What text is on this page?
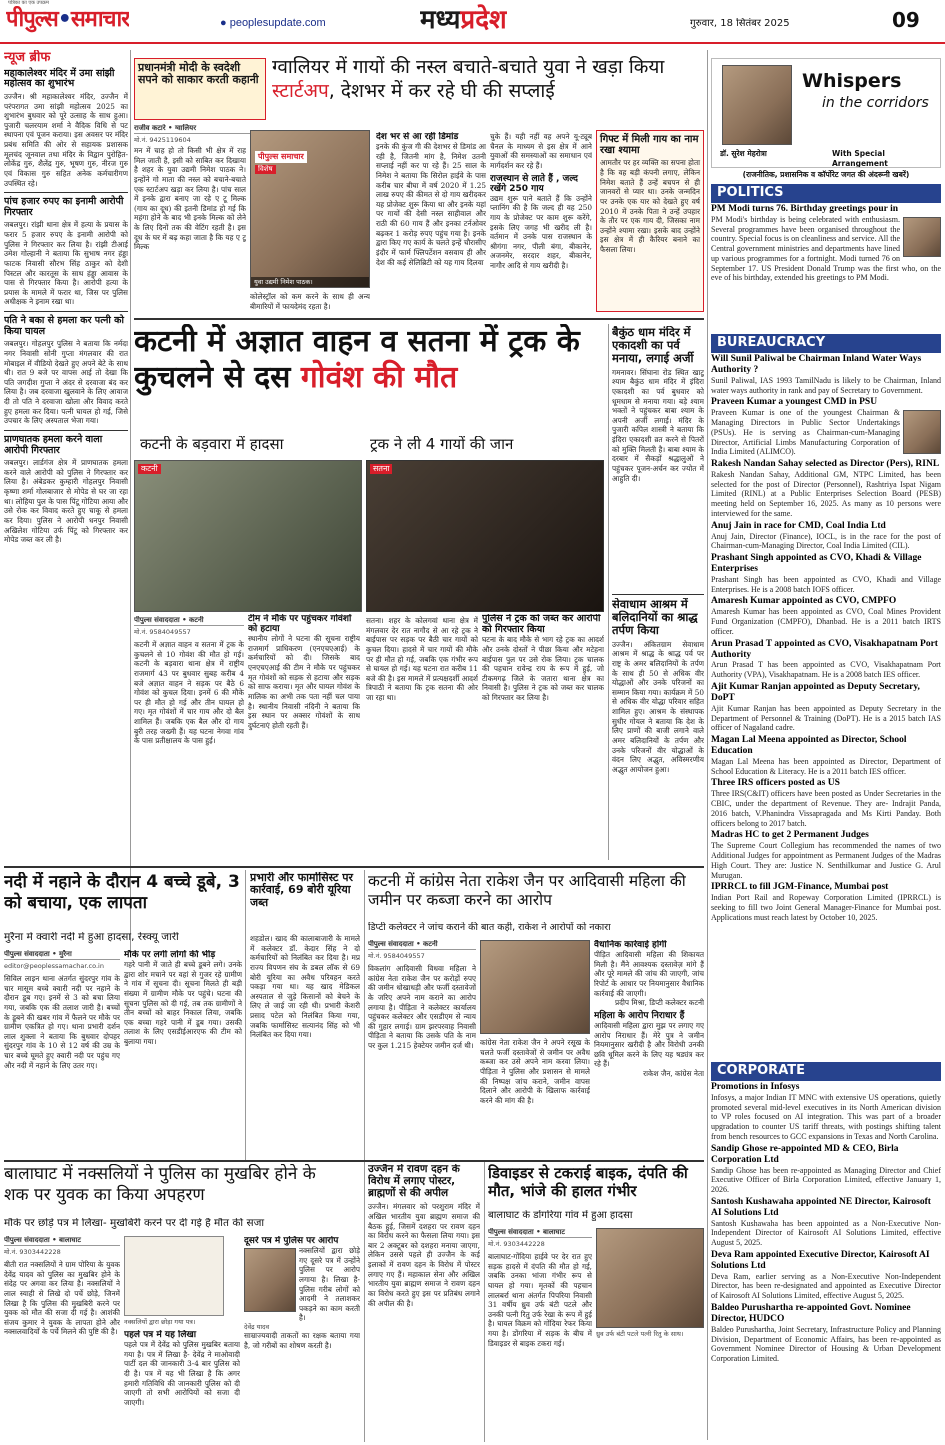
पीपुल्स•समाचार
पत्रिका का एक उपक्रम
● peoplesupdate.com	मध्यप्रदेश	गुरुवार, 18 सितंबर 2025	09
न्यूज ब्रीफ
महाकालेश्वर मंदिर में उमा सांझी महोत्सव का शुभारंभ
उज्जैन। श्री महाकालेश्वर मंदिर, उज्जैन में परंपरागत उमा सांझी महोत्सव 2025 का शुभारंभ बुधवार को पूरे उत्साह के साथ हुआ। पुजारी चलरयाम शर्मा ने वैदिक विधि से पट स्थापना एवं पूजन कराया। इस अवसर पर मंदिर प्रबंध समिति की ओर से सहायक प्रशासक मूलचंद जूनवाल तथा मंदिर के विद्वान पुरोहित- लोकेंद्र गुरु, शैलेंद्र गुरु, भूषण गुरु, नीरज गुरु एवं विकास गुरु सहित अनेक कर्मचारीगण उपस्थित रहे।
पांच हजार रुपए का इनामी आरोपी गिरफ्तार
जबलपुर। रांझी थाना क्षेत्र में हत्या के प्रयास के फरार 5 हजार रुपए के इनामी आरोपी को पुलिस ने गिरफ्तार कर लिया है। रांझी टीआई उमेश गोल्हानी ने बताया कि सुभाष नगर हंड्डा फाटक निवासी सौरभ सिंह ठाकुर को देशी पिस्टल और कारतूस के साथ हंड्डा आवास के पास से गिरफ्तार किया है। आरोपी हत्या के प्रयास के मामले में फरार था, जिस पर पुलिस अधीक्षक ने इनाम रखा था।
पति ने बका से हमला कर पत्नी को किया घायल
जबलपुर। गोहलपुर पुलिस ने बताया कि नर्मदा नगर निवासी सोनी गुप्ता मंगलवार की रात मोबाइल में वीडियो देखते हुए अपने बेटे के साथ थी। रात 9 बजे पर वापस आई तो देखा कि पति जगदीश गुप्ता ने अंदर से दरवाजा बंद कर लिया है। जब दरवाजा खुलवाने के लिए आवाज दी तो पति ने दरवाजा खोला और विवाद करते हुए हमला कर दिया। पत्नी घायल हो गई, जिसे उपचार के लिए अस्पताल भेजा गया।
प्राणघातक हमला करने वाला आरोपी गिरफ्तार
जबलपुर। लार्डगंज क्षेत्र में प्राणघातक हमला करने वाले आरोपी को पुलिस ने गिरफ्तार कर लिया है। अंबेडकर कुम्हारी गोहलपुर निवासी कृष्णा शर्मा गोलबाजार से मोपेड से घर जा रहा था। लोहिया पुल के पास पिंटू गोटिया आया और उसे रोक कर विवाद करते हुए चाकू से हमला कर दिया। पुलिस ने आरोपी धनपुर निवासी अखिलेश गोटिया उर्फ पिंटू को गिरफ्तार कर मोपेड जब्त कर ली है।
प्रधानमंत्री मोदी के स्वदेशी सपने को साकार करती कहानी
ग्वालियर में गायों की नस्ल बचाते-बचाते युवा ने खड़ा किया स्टार्टअप, देशभर में कर रहे घी की सप्लाई
राजीव कटारे • ग्वालियर
मो.नं. 9425119604
पीपुल्स समाचार
विशेष
युवा उद्यमी निमेश पाठक।
मन में चाह हो तो किसी भी क्षेत्र में राह मिल जाती है, इसी को साबित कर दिखाया है शहर के युवा उद्यमी निमेश पाठक ने। इन्होंने गो माता की नस्ल को बचाने-बचाते एक स्टार्टअप खड़ा कर लिया है। पांच साल में इनके द्वारा बनाए जा रहे ए टू मिल्क (गाय का दूध) की इतनी डिमांड हो गई कि महंगा होने के बाद भी इनके मिल्क को लेने के लिए दिनों तक की वेटिंग रहती है। इस दूध के घर में बढ़ कहा जाता है कि यह ए टू मिल्क
कोलेस्ट्रॉल को कम करने के साथ ही अन्य बीमारियों में फायदेमंद रहता है।
देश भर से आ रही डिमांड
इनके की कुंज गी की देशभर से डिमांड आ रही है, जितनी मांग है, निमेश उतनी सप्लाई नहीं कर पा रहे हैं। 25 साल के निमेश ने बताया कि सिरोल हाईवे के पास करीब चार बीघा में वर्ष 2020 में 1.25 लाख रुपए की कीमत से दो गाय खरीदकर यह प्रोजेक्ट शुरू किया था और इनके यहां पर गायों की देसी नस्ल साहीवाल और राठी की 60 गाय हैं और इनका टर्नओवर बढ़कर 1 करोड़ रुपए पहुंच गया है। इनके द्वारा किए गए कार्य के चलते इन्हें चौरासीए इंदौर में फार्म फ्लिपर्टेशन वसवाय ही और देश की कई सेलिब्रिटी को यह गाय दिलवा
चुके हैं। यही नहीं वह अपने यू-ट्यूब चैनल के माध्यम से इस क्षेत्र में आने युवाओं की समस्याओं का समाधान एवं मार्गदर्शन कर रहे हैं।
राजस्थान से लाते हैं , जल्द रखेंगे 250 गाय
उद्यम शुरू पाने बताते हैं कि उन्होंने प्लानिंग की है कि जल्द ही वह 250 गाय के प्रोजेक्ट पर काम शुरू करेंगे, इसके लिए जगह भी खरीद ली है। वर्तमान में उनके पास राजस्थान के श्रीगंगा नगर, पीली बंगा, बीकानेर, अजनमेर, सरदार शहर, बीकानेर, नागौर आदि से गाय खरीदी है।
गिफ्ट में मिली गाय का नाम रखा श्यामा
आमतौर पर हर व्यक्ति का सपना होता है कि वह बड़ी कंपनी लगाए, लेकिन निमेश बताते हैं उन्हें बचपन से ही जानवरों से प्यार था। उनके जन्मदिन पर उनके एक यार को देखते हुए वर्ष 2010 में उनके पिता ने उन्हें उपहार के तौर पर एक गाय दी, जिसका नाम उन्होंने श्यामा रखा। इसके बाद उन्होंने इस क्षेत्र में ही कैरियर बनाने का फैसला लिया।
कटनी में अज्ञात वाहन व सतना में ट्रक के कुचलने से दस गोवंश की मौत
कटनी के बड़वारा में हादसा	ट्रक ने ली 4 गायों की जान
कटनी	सतना
पीपुल्स संवाददाता • कटनी
मो.नं. 9584049557
कटनी में अज्ञात वाहन व सतना में ट्रक के कुचलने से 10 गोवंश की मौत हो गई। कटनी के बड़वारा थाना क्षेत्र में राष्ट्रीय राजमार्ग 43 पर बुधवार सुबह करीब 4 बजे अज्ञात वाहन ने सड़क पर बैठे 6 गोवंश को कुचल दिया। इनमें 6 की मौके पर ही मौत हो गई और तीन घायल हो गए। मृत गोवंशों में चार गाय और दो बैल शामिल हैं। जबकि एक बैल और दो गाय बुरी तरह जख्मी हैं। यह घटना नेगवा गांव के पास प्रतीक्षालय के पास हुई।
टीम ने मौके पर पहुंचकर गोवंशों को हटाया
स्थानीय लोगों ने घटना की सूचना राष्ट्रीय राजमार्ग प्राधिकरण (एनएचएआई) के कर्मचारियों को दी। जिसके बाद एनएचएआई की टीम ने मौके पर पहुंचकर मृत गोवंशों को सड़क से हटाया और सड़क को साफ कराया। मृत और घायल गोवंश के मालिक का अभी तक पता नहीं चल पाया है। स्थानीय निवासी नंदिनी ने बताया कि इस स्थान पर अक्सर गोवंशों के साथ दुर्घटनाएं होती रहती हैं।
सतना। शहर के कोलगवां थाना क्षेत्र में मंगलवार देर रात नागौद से आ रहे ट्रक ने बाईपास पर सड़क पर बैठी चार गायों को कुचल दिया। हादसे में चार गायों की मौके पर ही मौत हो गई, जबकि एक गंभीर रूप से घायल हो गई। यह घटना रात करीब 11 बजे की है। इस मामले में प्रत्यक्षदर्शी आदर्श त्रिपाठी ने बताया कि ट्रक सतना की ओर जा रहा था।
पुलिस ने ट्रक को जब्त कर आरोपी को गिरफ्तार किया
घटना के बाद मौके से भाग रहे ट्रक का आदर्श और उनके दोस्तों ने पीछा किया और मटेहना बाईपास पुल पर उसे रोक लिया। ट्रक चालक की पहचान रावेन्द्र राय के रूप में हुई, जो टीकमगढ़ जिले के जतारा थाना क्षेत्र का निवासी है। पुलिस ने ट्रक को जब्त कर चालक को गिरफ्तार कर लिया है।
बैकुंठ धाम मंदिर में एकादशी का पर्व मनाया, लगाई अर्जी
गमनावर। सिंघाना रोड स्थित खाटू श्याम बैकुंठ धाम मंदिर में इंदिरा एकादशी का पर्व बुधवार को धूमधाम से मनाया गया। बड़े श्याम भक्तों ने पहुंचकर बाबा श्याम के अपनी अर्जी लगाई। मंदिर के पुजारी कपिल शास्त्री ने बताया कि इंदिरा एकादशी व्रत करने से पितरों को मुक्ति मिलती है। बाबा श्याम के दरबार में सैकड़ों श्रद्धालुओं ने पहुंचकर पूजन-अर्चन कर ज्योत में आहुति दी।
सेवाधाम आश्रम में बलिदानियों का श्राद्ध तर्पण किया
उज्जैन। अंकितग्राम सेवाधाम आश्रम में श्राद्ध के श्राद्ध पर्व पर राष्ट्र के अमर बलिदानियों के तर्पण के साथ ही 50 से अधिक वीर योद्धाओं और उनके परिजनों का सम्मान किया गया। कार्यक्रम में 50 से अधिक वीर योद्धा परिवार सहित शामिल हुए। आश्रम के संस्थापक सुधीर गोयल ने बताया कि देश के लिए प्राणों की बाजी लगाने वाले अमर बलिदानियों के तर्पण और उनके परिजनों वीर योद्धाओं के वंदन लिए अद्भुत, अविस्मरणीय अद्भुत आयोजन हुआ।
नदी में नहाने के दौरान 4 बच्चे डूबे, 3 को बचाया, एक लापता
मुरैना में क्वारी नदी में हुआ हादसा, रेस्क्यू जारी
पीपुल्स संवाददाता • मुरैना
editor@peoplessamachar.co.in
सिविल लाइन थाना अंतर्गत सुंदरपुर गांव के चार मासूम बच्चे क्वारी नदी पर नहाने के दौरान डूब गए। इनमें से 3 को बचा लिया गया, जबकि एक की तलाश जारी है। बच्चों के डूबने की खबर गांव में फैलने पर मौके पर ग्रामीण एकत्रित हो गए। थाना प्रभारी दर्शन लाल शुक्ला ने बताया कि बुधवार दोपहर सुंदरपुर गांव के 10 से 12 वर्ष की उम्र के चार बच्चे घूमते हुए क्वारी नदी पर पहुंच गए और नदी में नहाने के लिए उतर गए।
मौके पर लगी लोगों की भीड़
गहरे पानी में जाते ही बच्चे डूबने लगे। उनके द्वारा शोर मचाने पर वहां से गुजर रहे ग्रामीण ने गांव में सूचना दी। सूचना मिलते ही बड़ी संख्या में ग्रामीण मौके पर पहुंचे। घटना की सूचना पुलिस को दी गई, तब तक ग्रामीणों ने तीन बच्चों को बाहर निकाल लिया, जबकि एक बच्चा गहरे पानी में डूब गया। उसकी तलाश के लिए एसडीईआरएफ की टीम को बुलाया गया।
प्रभारी और फार्मासिस्ट पर कार्रवाई, 69 बोरी यूरिया जब्त
शहडोल। खाद की कालाबाजारी के मामले में कलेक्टर डॉ. केदार सिंह ने दो कर्मचारियों को निलंबित कर दिया है। मप्र राज्य विपणन संघ के डबल लॉक से 69 बोरी यूरिया का अवैध परिवहन करते पकड़ा गया था। यह खाद मेडिकल अस्पताल से जुड़े किसानों को बेचने के लिए ले जाई जा रही थी। प्रभारी केशरी प्रसाद पटेल को निलंबित किया गया, जबकि फार्मासिस्ट सत्यानंद सिंह को भी निलंबित कर दिया गया।
कटनी में कांग्रेस नेता राकेश जैन पर आदिवासी महिला की जमीन पर कब्जा करने का आरोप
डिप्टी कलेक्टर ने जांच कराने की बात कही, राकेश ने आरोपों को नकारा
पीपुल्स संवाददाता • कटनी
मो.नं. 9584049557
विकलांग आदिवासी विधवा महिला ने कांग्रेस नेता राकेश जैन पर करोड़ों रुपए की जमीन धोखाधड़ी और फर्जी दस्तावेजों के जरिए अपने नाम कराने का आरोप लगाया है। पीड़िता ने कलेक्टर कार्यालय पहुंचकर कलेक्टर और एसडीएम से न्याय की गुहार लगाई। ग्राम झरपरवाह निवासी पीड़िता ने बताया कि उसके पति के नाम पर कुल 1.215 हेक्टेयर जमीन दर्ज थी। कांग्रेस नेता राकेश जैन ने अपने रसूख के चलते फर्जी दस्तावेजों से जमीन पर अवैध कब्जा कर उसे अपने नाम करवा लिया। पीड़िता ने पुलिस और प्रशासन से मामले की निष्पक्ष जांच कराने, जमीन वापस दिलाने और आरोपी के खिलाफ कार्रवाई करने की मांग की है।
वैधानिक कार्रवाई होगी
पीड़ित आदिवासी महिला की शिकायत मिली है। मैंने आवश्यक दस्तावेज़ मांगे हैं और पूरे मामले की जांच की जाएगी, जांच रिपोर्ट के आधार पर नियमानुसार वैधानिक कार्रवाई की जाएगी।
प्रदीप मिश्रा, डिप्टी कलेक्टर कटनी
महिला के आरोप निराधार हैं
आदिवासी महिला द्वारा मुझ पर लगाए गए आरोप निराधार हैं। मेरे पुत्र ने जमीन नियमानुसार खरीदी है और विरोधी उनकी छवि धूमिल करने के लिए यह षड्यंत्र कर रहे हैं।
राकेश जैन, कांग्रेस नेता
बालाघाट में नक्सलियों ने पुलिस का मुखबिर होने के शक पर युवक का किया अपहरण
मौके पर छोड़े पत्र में लिखा- मुखबिरी करने पर दी गई है मौत की सजा
पीपुल्स संवाददाता • बालाघाट
मो.नं. 9303442228
बीती रात नक्सलियों ने ग्राम पोरिया के युवक देवेंद्र यादव को पुलिस का मुखबिर होने के संदेह पर अगवा कर लिया है। नक्सलियों ने लाल स्याही से लिखे दो पर्चे छोड़े, जिनमें लिखा है कि पुलिस की मुखबिरी करने पर युवक को मौत की सजा दी गई है। आशंकी संजय कुमार ने युवक के लापता होने और नक्सलवादियों के पर्चे मिलने की पुष्टि की है।
नक्सलियों द्वारा छोड़ा गया पत्र।
पहले पत्र में यह लिखा
पहले पत्र में देवेंद्र को पुलिस मुखबिर बताया गया है। पत्र में लिखा है- देवेंद्र ने माओवादी पार्टी दल की जानकारी 3-4 बार पुलिस को दी है। पत्र में यह भी लिखा है कि अगर हमारी गतिविधि की जानकारी पुलिस को दी जाएगी तो सभी आरोपियों को सजा दी जाएगी।
दूसरे पत्र में पुलिस पर आरोप
नक्सलियों द्वारा छोड़े गए दूसरे पत्र में उन्होंने पुलिस पर आरोप लगाया है। लिखा है- पुलिस गरीब लोगों को आदमी ने तलाशकर पकड़ने का काम करती है।
देवेंद्र यादव
साम्राज्यवादी ताकतों का रक्षक बताया गया है, जो गरीबों का शोषण करती है।
उज्जैन में रावण दहन के विरोध में लगाए पोस्टर, ब्राह्मणों से की अपील
उज्जैन। मंगलवार को परशुराम मंदिर में अखिल भारतीय युवा ब्राह्मण समाज की बैठक हुई, जिसमें दशहरा पर रावण दहन का विरोध करने का फैसला लिया गया। इस बार 2 अक्टूबर को दशहरा मनाया जाएगा, लेकिन उससे पहले ही उज्जैन के कई इलाकों में रावण दहन के विरोध में पोस्टर लगाए गए हैं। महाकाल सेना और अखिल भारतीय युवा ब्राह्मण समाज ने रावण दहन का विरोध करते हुए इस पर प्रतिबंध लगाने की अपील की है।
डिवाइडर से टकराई बाइक, दंपति की मौत, भांजे की हालत गंभीर
बालाघाट के डोंगरिया गांव में हुआ हादसा
पीपुल्स संवाददाता • बालाघाट
मो.नं. 9303442228
बालाघाट-गोंदिया हाईवे पर देर रात हुए सड़क हादसे में दंपति की मौत हो गई, जबकि उनका भांजा गंभीर रूप से घायल हो गया। मृतकों की पहचान लालबर्रा थाना अंतर्गत पिपरिया निवासी 31 वर्षीय ध्रुव उर्फ बंटी पटले और उनकी पत्नी रितु उर्फ रेखा के रूप में हुई है। घायल विक्रम को गोंदिया रेफर किया गया है। डोंगरिया में सड़क के बीच में डिवाइडर से बाइक टकरा गई।
ध्रुव उर्फ बंटी पटले पत्नी रितु के साथ।
Whispers
in the corridors
डॉ. सुरेश मेहरोत्रा	With Special Arrangement
(राजनीतिक, प्रशासनिक व कॉर्पोरेट जगत की अंदरूनी खबरें)
POLITICS
PM Modi turns 76. Birthday greetings pour in
PM Modi's birthday is being celebrated with enthusiasm. Several programmes have been organised throughout the country. Special focus is on cleanliness and service. All the Central government ministries and departments have lined up various programmes for a fortnight. Modi turned 76 on September 17. US President Donald Trump was the first who, on the eve of his birthday, extended his greetings to PM Modi.
BUREAUCRACY
Will Sunil Paliwal be Chairman Inland Water Ways Authority ?
Sunil Paliwal, IAS 1993 TamilNadu is likely to be Chairman, Inland water ways authority in rank and pay of Secretary to Government.
Praveen Kumar a youngest CMD in PSU
Praveen Kumar is one of the youngest Chairman & Managing Directors in Public Sector Undertakings (PSUs). He is serving as Chairman-cum-Managing Director, Artificial Limbs Manufacturing Corporation of India Limited (ALIMCO).
Rakesh Nandan Sahay selected as Director (Pers), RINL
Rakesh Nandan Sahay, Additional GM, NTPC Limited, has been selected for the post of Director (Personnel), Rashtriya Ispat Nigam Limited (RINL) at a Public Enterprises Selection Board (PESB) meeting held on September 16, 2025. As many as 10 persons were interviewed for the same.
Anuj Jain in race for CMD, Coal India Ltd
Anuj Jain, Director (Finance), IOCL, is in the race for the post of Chairman-cum-Managing Director, Coal India Limited (CIL).
Prashant Singh appointed as CVO, Khadi & Village Enterprises
Prashant Singh has been appointed as CVO, Khadi and Village Enterprises. He is a 2008 batch IOFS officer.
Amaresh Kumar appointed as CVO, CMPFO
Amaresh Kumar has been appointed as CVO, Coal Mines Provident Fund Organization (CMPFO), Dhanbad. He is a 2011 batch IRTS officer.
Arun Prasad T appointed as CVO, Visakhapatnam Port Authority
Arun Prasad T has been appointed as CVO, Visakhapatnam Port Authority (VPA), Visakhapatnam. He is a 2008 batch IES officer.
Ajit Kumar Ranjan appointed as Deputy Secretary, DoPT
Ajit Kumar Ranjan has been appointed as Deputy Secretary in the Department of Personnel & Training (DoPT). He is a 2015 batch IAS officer of Nagaland cadre.
Magan Lal Meena appointed as Director, School Education
Magan Lal Meena has been appointed as Director, Department of School Education & Literacy. He is a 2011 batch IES officer.
Three IRS officers posted as US
Three IRS(C&IT) officers have been posted as Under Secretaries in the CBIC, under the department of Revenue. They are- Indrajit Panda, 2016 batch, V.Phanindra Vissapragada and Ms Kirti Panday. Both officers belong to 2017 batch.
Madras HC to get 2 Permanent Judges
The Supreme Court Collegium has recommended the names of two Additional Judges for appointment as Permanent Judges of the Madras High Court. They are: Justice N. Senthilkumar and Justice G. Arul Murugan.
IPRRCL to fill JGM-Finance, Mumbai post
Indian Port Rail and Ropeway Corporation Limited (IPRRCL) is seeking to fill two Joint General Manager-Finance for Mumbai post. Applications must reach latest by October 10, 2025.
CORPORATE
Promotions in Infosys
Infosys, a major Indian IT MNC with extensive US operations, quietly promoted several mid-level executives in its North American division to VP roles focused on AI integration. This was part of a broader upgradation to counter US tariff threats, with postings shifting talent from bench resources to GCC expansions in Texas and North Carolina.
Sandip Ghose re-appointed MD & CEO, Birla Corporation Ltd
Sandip Ghose has been re-appointed as Managing Director and Chief Executive Officer of Birla Corporation Limited, effective January 1, 2026.
Santosh Kushawaha appointed NE Director, Kairosoft AI Solutions Ltd
Santosh Kushawaha has been appointed as a Non-Executive Non-Independent Director of Kairosoft AI Solutions Limited, effective August 5, 2025.
Deva Ram appointed Executive Director, Kairosoft AI Solutions Ltd
Deva Ram, earlier serving as a Non-Executive Non-Independent Director, has been re-designated and appointed as Executive Director of Kairosoft AI Solutions Limited, effective August 5, 2025.
Baldeo Purushartha re-appointed Govt. Nominee Director, HUDCO
Baldeo Purushartha, Joint Secretary, Infrastructure Policy and Planning Division, Department of Economic Affairs, has been re-appointed as Government Nominee Director of Housing & Urban Development Corporation Limited.
